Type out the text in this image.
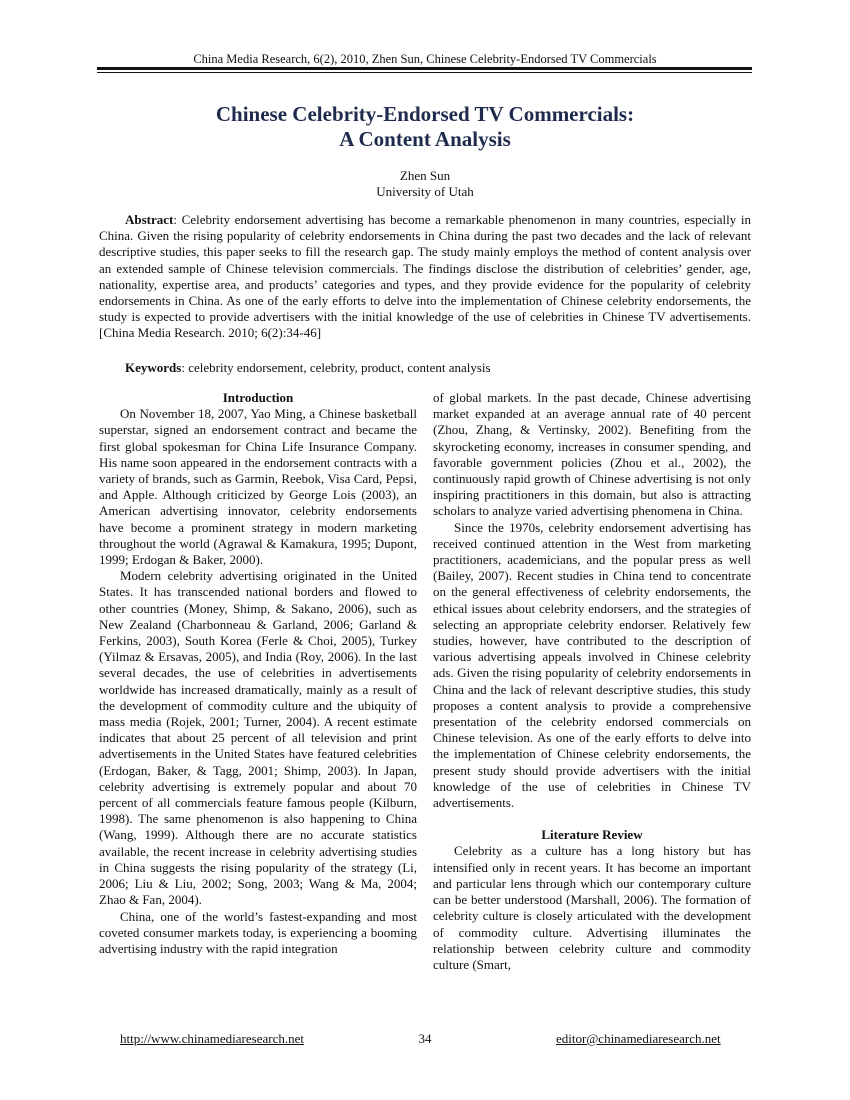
China Media Research, 6(2), 2010, Zhen Sun, Chinese Celebrity-Endorsed TV Commercials
Chinese Celebrity-Endorsed TV Commercials:
A Content Analysis
Zhen Sun
University of Utah

Abstract: Celebrity endorsement advertising has become a remarkable phenomenon in many countries, especially in China. Given the rising popularity of celebrity endorsements in China during the past two decades and the lack of relevant descriptive studies, this paper seeks to fill the research gap. The study mainly employs the method of content analysis over an extended sample of Chinese television commercials. The findings disclose the distribution of celebrities’ gender, age, nationality, expertise area, and products’ categories and types, and they provide evidence for the popularity of celebrity endorsements in China. As one of the early efforts to delve into the implementation of Chinese celebrity endorsements, the study is expected to provide advertisers with the initial knowledge of the use of celebrities in Chinese TV advertisements. [China Media Research. 2010; 6(2):34-46]

Keywords: celebrity endorsement, celebrity, product, content analysis

Introduction

On November 18, 2007, Yao Ming, a Chinese basketball superstar, signed an endorsement contract and became the first global spokesman for China Life Insurance Company. His name soon appeared in the endorsement contracts with a variety of brands, such as Garmin, Reebok, Visa Card, Pepsi, and Apple. Although criticized by George Lois (2003), an American advertising innovator, celebrity endorsements have become a prominent strategy in modern marketing throughout the world (Agrawal & Kamakura, 1995; Dupont, 1999; Erdogan & Baker, 2000).

Modern celebrity advertising originated in the United States. It has transcended national borders and flowed to other countries (Money, Shimp, & Sakano, 2006), such as New Zealand (Charbonneau & Garland, 2006; Garland & Ferkins, 2003), South Korea (Ferle & Choi, 2005), Turkey (Yilmaz & Ersavas, 2005), and India (Roy, 2006). In the last several decades, the use of celebrities in advertisements worldwide has increased dramatically, mainly as a result of the development of commodity culture and the ubiquity of mass media (Rojek, 2001; Turner, 2004). A recent estimate indicates that about 25 percent of all television and print advertisements in the United States have featured celebrities (Erdogan, Baker, & Tagg, 2001; Shimp, 2003). In Japan, celebrity advertising is extremely popular and about 70 percent of all commercials feature famous people (Kilburn, 1998). The same phenomenon is also happening to China (Wang, 1999). Although there are no accurate statistics available, the recent increase in celebrity advertising studies in China suggests the rising popularity of the strategy (Li, 2006; Liu & Liu, 2002; Song, 2003; Wang & Ma, 2004; Zhao & Fan, 2004).

China, one of the world’s fastest-expanding and most coveted consumer markets today, is experiencing a booming advertising industry with the rapid integration

of global markets. In the past decade, Chinese advertising market expanded at an average annual rate of 40 percent (Zhou, Zhang, & Vertinsky, 2002). Benefiting from the skyrocketing economy, increases in consumer spending, and favorable government policies (Zhou et al., 2002), the continuously rapid growth of Chinese advertising is not only inspiring practitioners in this domain, but also is attracting scholars to analyze varied advertising phenomena in China.

Since the 1970s, celebrity endorsement advertising has received continued attention in the West from marketing practitioners, academicians, and the popular press as well (Bailey, 2007). Recent studies in China tend to concentrate on the general effectiveness of celebrity endorsements, the ethical issues about celebrity endorsers, and the strategies of selecting an appropriate celebrity endorser. Relatively few studies, however, have contributed to the description of various advertising appeals involved in Chinese celebrity ads. Given the rising popularity of celebrity endorsements in China and the lack of relevant descriptive studies, this study proposes a content analysis to provide a comprehensive presentation of the celebrity endorsed commercials on Chinese television. As one of the early efforts to delve into the implementation of Chinese celebrity endorsements, the present study should provide advertisers with the initial knowledge of the use of celebrities in Chinese TV advertisements.

Literature Review

Celebrity as a culture has a long history but has intensified only in recent years. It has become an important and particular lens through which our contemporary culture can be better understood (Marshall, 2006). The formation of celebrity culture is closely articulated with the development of commodity culture. Advertising illuminates the relationship between celebrity culture and commodity culture (Smart,

http://www.chinamediaresearch.net	34	editor@chinamediaresearch.net
